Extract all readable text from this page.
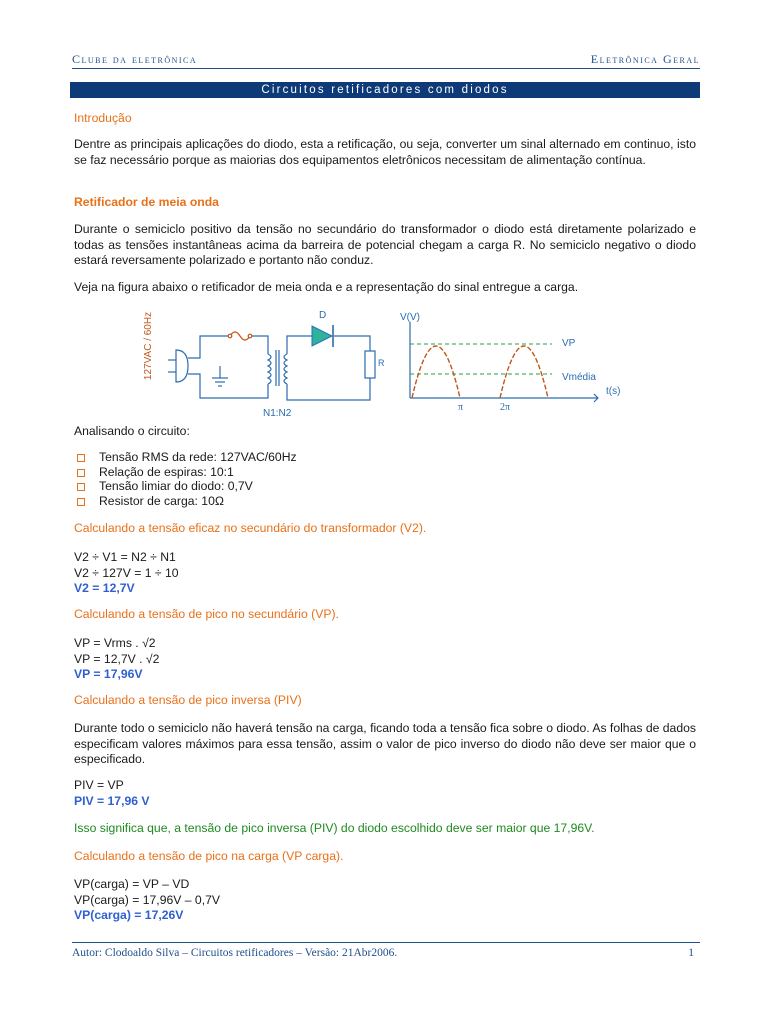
Clube da eletrônica	Eletrônica Geral
Circuitos retificadores com diodos
Introdução
Dentre as principais aplicações do diodo, esta a retificação, ou seja, converter um sinal alternado em continuo, isto se faz necessário porque as maiorias dos equipamentos eletrônicos necessitam de alimentação contínua.
Retificador de meia onda
Durante o semiciclo positivo da tensão no secundário do transformador o diodo está diretamente polarizado e todas as tensões instantâneas acima da barreira de potencial chegam a carga R. No semiciclo negativo o diodo estará reversamente polarizado e portanto não conduz.
Veja na figura abaixo o retificador de meia onda e a representação do sinal entregue a carga.
127VAC / 60Hz	D
R
N1:N2
V(V)
t(s)
VP
Vmédia
π	2π
Analisando o circuito:
Tensão RMS da rede: 127VAC/60Hz
Relação de espiras: 10:1
Tensão limiar do diodo: 0,7V
Resistor de carga: 10Ω
Calculando a tensão eficaz no secundário do transformador (V2).
V2 ÷ V1 = N2 ÷ N1
V2 ÷ 127V = 1 ÷ 10
V2 = 12,7V
Calculando a tensão de pico no secundário (VP).
VP = Vrms . √2
VP = 12,7V . √2
VP = 17,96V
Calculando a tensão de pico inversa (PIV)
Durante todo o semiciclo não haverá tensão na carga, ficando toda a tensão fica sobre o diodo. As folhas de dados especificam valores máximos para essa tensão, assim o valor de pico inverso do diodo não deve ser maior que o especificado.
PIV = VP
PIV = 17,96 V
Isso significa que, a tensão de pico inversa (PIV) do diodo escolhido deve ser maior que 17,96V.
Calculando a tensão de pico na carga (VP carga).
VP(carga) = VP – VD
VP(carga) = 17,96V – 0,7V
VP(carga) = 17,26V
Autor: Clodoaldo Silva – Circuitos retificadores – Versão: 21Abr2006.	1
